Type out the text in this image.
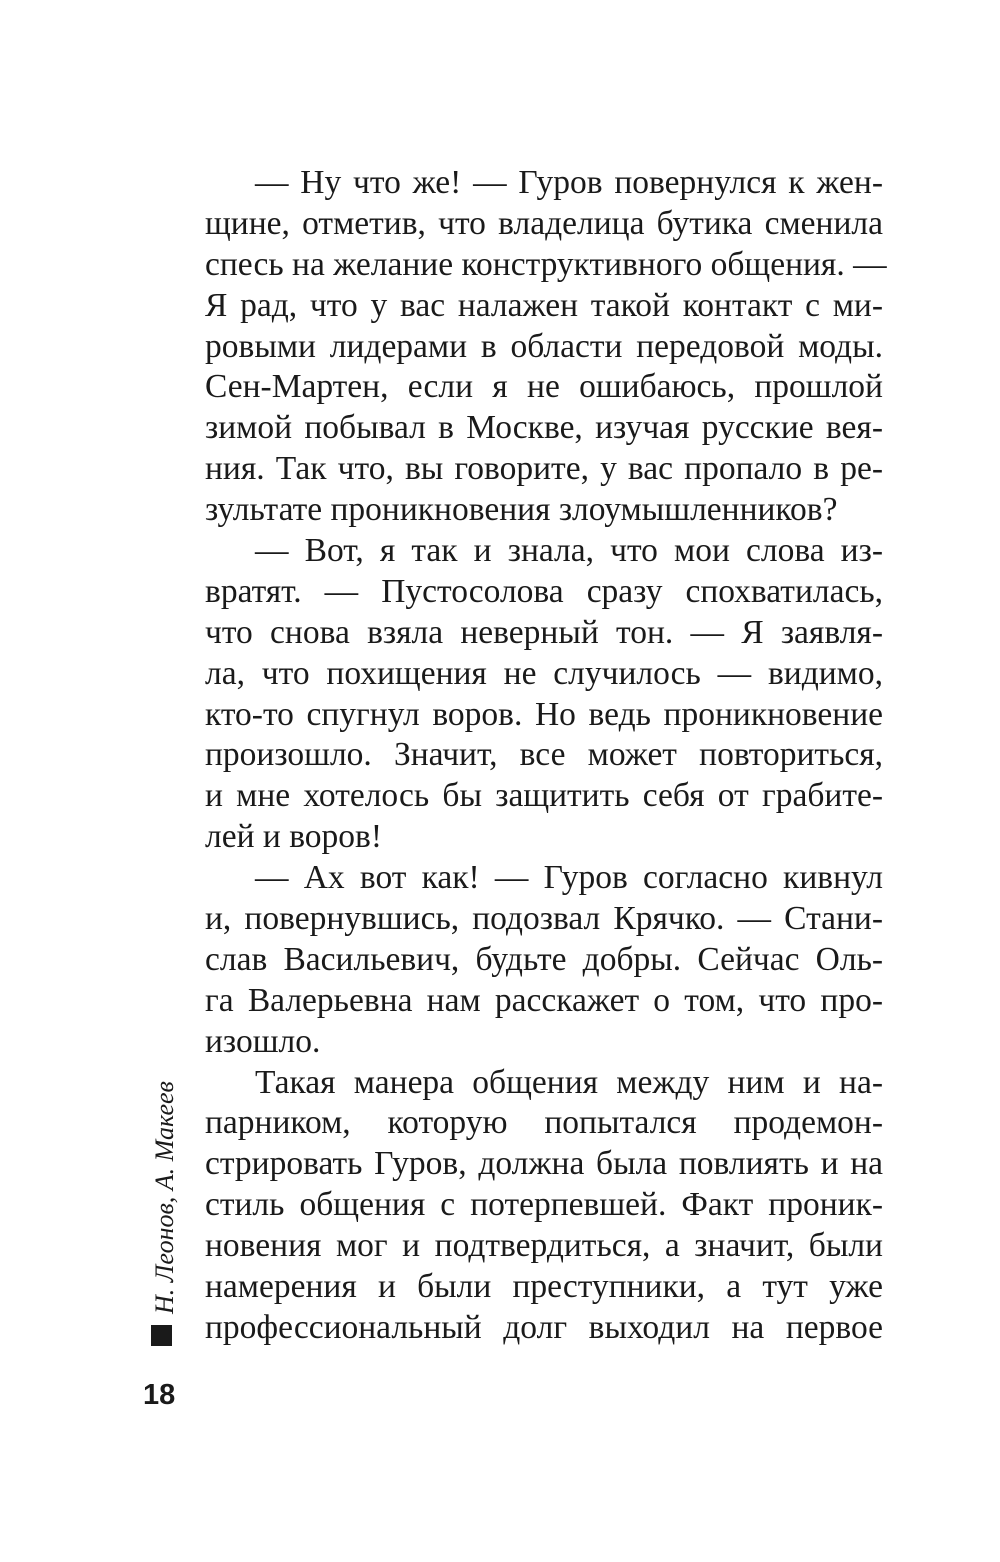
— Ну что же! — Гуров повернулся к жен-
щине, отметив, что владелица бутика сменила
спесь на желание конструктивного общения. —
Я рад, что у вас налажен такой контакт с ми-
ровыми лидерами в области передовой моды.
Сен-Мартен, если я не ошибаюсь, прошлой
зимой побывал в Москве, изучая русские вея-
ния. Так что, вы говорите, у вас пропало в ре-
зультате проникновения злоумышленников?
— Вот, я так и знала, что мои слова из-
вратят. — Пустосолова сразу спохватилась,
что снова взяла неверный тон. — Я заявля-
ла, что похищения не случилось — видимо,
кто-то спугнул воров. Но ведь проникновение
произошло. Значит, все может повториться,
и мне хотелось бы защитить себя от грабите-
лей и воров!
— Ах вот как! — Гуров согласно кивнул
и, повернувшись, подозвал Крячко. — Стани-
слав Васильевич, будьте добры. Сейчас Оль-
га Валерьевна нам расскажет о том, что про-
изошло.
Такая манера общения между ним и на-
парником, которую попытался продемон-
стрировать Гуров, должна была повлиять и на
стиль общения с потерпевшей. Факт проник-
новения мог и подтвердиться, а значит, были
намерения и были преступники, а тут уже
профессиональный долг выходил на первое
Н. Леонов, А. Макеев
18
